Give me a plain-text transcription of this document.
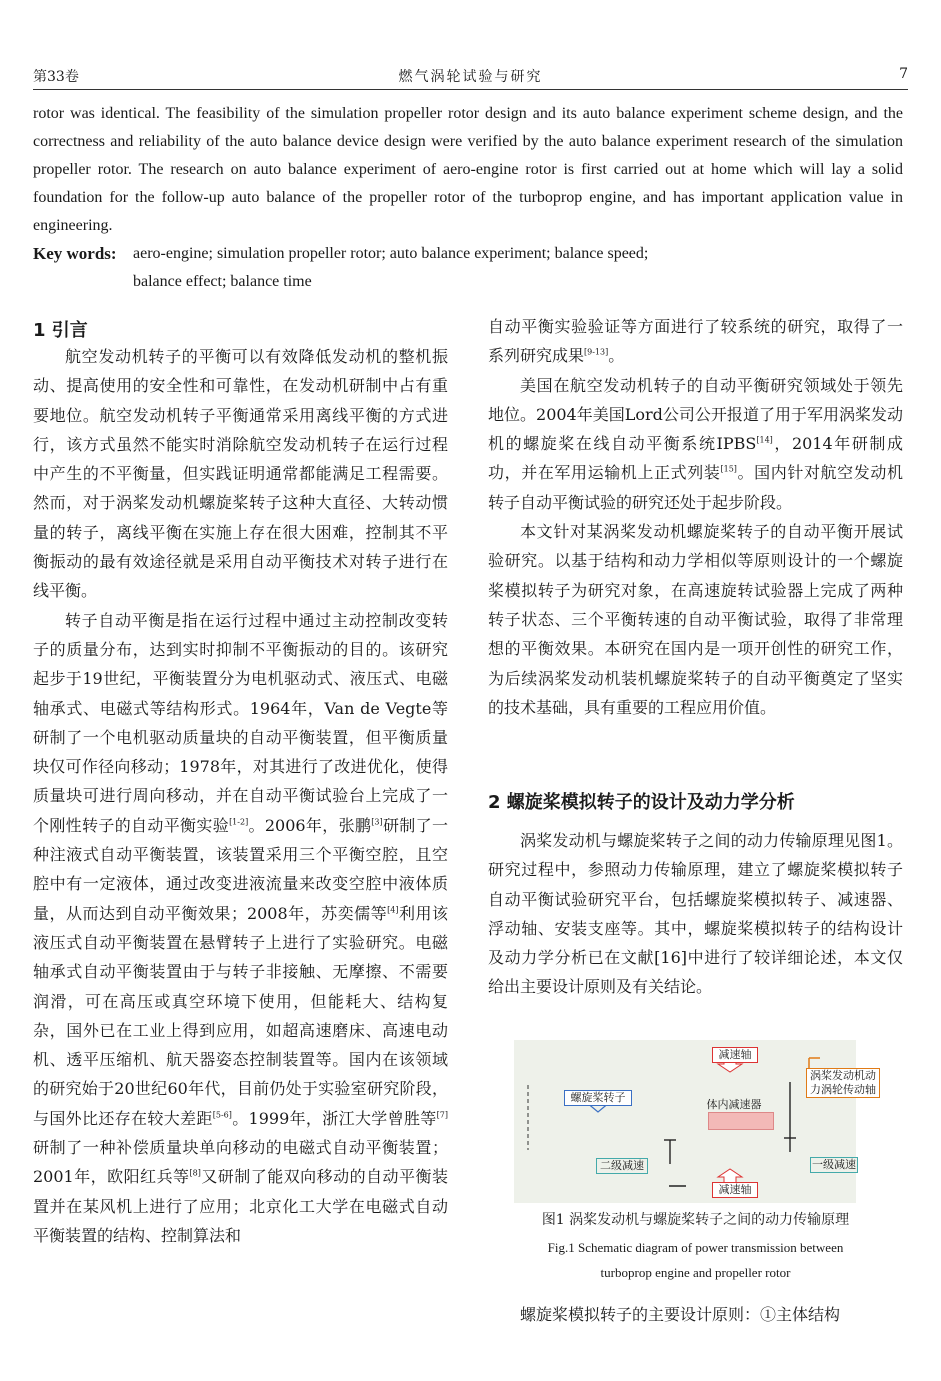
第33卷	燃气涡轮试验与研究	7
rotor was identical. The feasibility of the simulation propeller rotor design and its auto balance experiment scheme design, and the correctness and reliability of the auto balance device design were verified by the auto balance experiment research of the simulation propeller rotor. The research on auto balance experiment of aero-engine rotor is first carried out at home which will lay a solid foundation for the follow-up auto balance of the propeller rotor of the turboprop engine, and has important application value in engineering.
Key words: aero-engine; simulation propeller rotor; auto balance experiment; balance speed;
balance effect; balance time
1 引言

航空发动机转子的平衡可以有效降低发动机的整机振动、提高使用的安全性和可靠性，在发动机研制中占有重要地位。航空发动机转子平衡通常采用离线平衡的方式进行，该方式虽然不能实时消除航空发动机转子在运行过程中产生的不平衡量，但实践证明通常都能满足工程需要。然而，对于涡桨发动机螺旋桨转子这种大直径、大转动惯量的转子，离线平衡在实施上存在很大困难，控制其不平衡振动的最有效途径就是采用自动平衡技术对转子进行在线平衡。

转子自动平衡是指在运行过程中通过主动控制改变转子的质量分布，达到实时抑制不平衡振动的目的。该研究起步于19世纪，平衡装置分为电机驱动式、液压式、电磁轴承式、电磁式等结构形式。1964年，Van de Vegte等研制了一个电机驱动质量块的自动平衡装置，但平衡质量块仅可作径向移动；1978年，对其进行了改进优化，使得质量块可进行周向移动，并在自动平衡试验台上完成了一个刚性转子的自动平衡实验[1-2]。2006年，张鹏[3]研制了一种注液式自动平衡装置，该装置采用三个平衡空腔，且空腔中有一定液体，通过改变进液流量来改变空腔中液体质量，从而达到自动平衡效果；2008年，苏奕儒等[4]利用该液压式自动平衡装置在悬臂转子上进行了实验研究。电磁轴承式自动平衡装置由于与转子非接触、无摩擦、不需要润滑，可在高压或真空环境下使用，但能耗大、结构复杂，国外已在工业上得到应用，如超高速磨床、高速电动机、透平压缩机、航天器姿态控制装置等。国内在该领域的研究始于20世纪60年代，目前仍处于实验室研究阶段，与国外比还存在较大差距[5-6]。1999年，浙江大学曾胜等[7]研制了一种补偿质量块单向移动的电磁式自动平衡装置；2001年，欧阳红兵等[8]又研制了能双向移动的自动平衡装置并在某风机上进行了应用；北京化工大学在电磁式自动平衡装置的结构、控制算法和

自动平衡实验验证等方面进行了较系统的研究，取得了一系列研究成果[9-13]。

美国在航空发动机转子的自动平衡研究领域处于领先地位。2004年美国Lord公司公开报道了用于军用涡桨发动机的螺旋桨在线自动平衡系统IPBS[14]，2014年研制成功，并在军用运输机上正式列装[15]。国内针对航空发动机转子自动平衡试验的研究还处于起步阶段。

本文针对某涡桨发动机螺旋桨转子的自动平衡开展试验研究。以基于结构和动力学相似等原则设计的一个螺旋桨模拟转子为研究对象，在高速旋转试验器上完成了两种转子状态、三个平衡转速的自动平衡试验，取得了非常理想的平衡效果。本研究在国内是一项开创性的研究工作，为后续涡桨发动机装机螺旋桨转子的自动平衡奠定了坚实的技术基础，具有重要的工程应用价值。

2 螺旋桨模拟转子的设计及动力学分析

涡桨发动机与螺旋桨转子之间的动力传输原理见图1。研究过程中，参照动力传输原理，建立了螺旋桨模拟转子自动平衡试验研究平台，包括螺旋桨模拟转子、减速器、浮动轴、安装支座等。其中，螺旋桨模拟转子的结构设计及动力学分析已在文献[16]中进行了较详细论述，本文仅给出主要设计原则及有关结论。

减速轴
螺旋桨转子
体内减速器
涡桨发动机动力涡轮传动轴
二级减速	一级减速
减速轴
图1 涡桨发动机与螺旋桨转子之间的动力传输原理
Fig.1 Schematic diagram of power transmission between
turboprop engine and propeller rotor
螺旋桨模拟转子的主要设计原则：①主体结构
